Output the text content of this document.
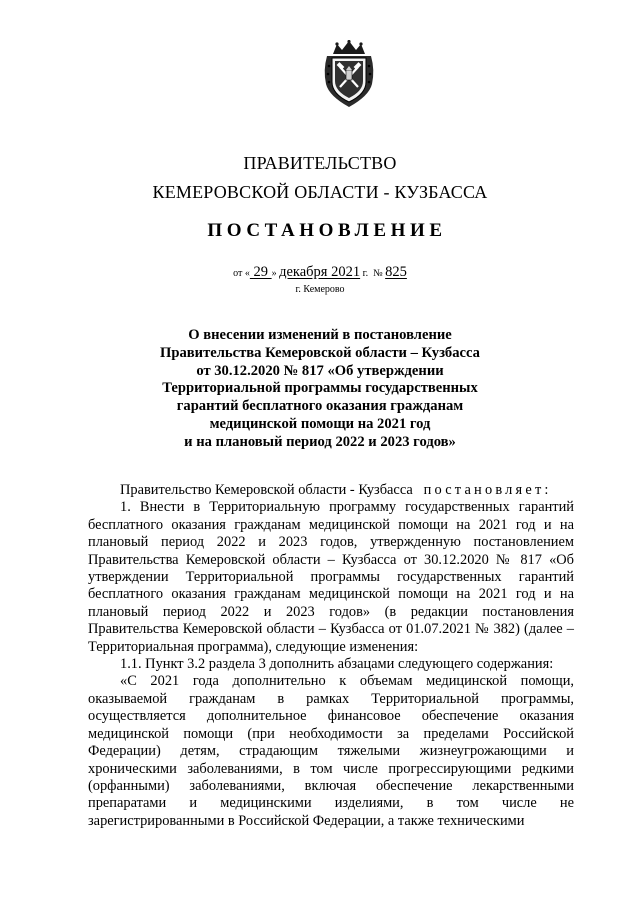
ПРАВИТЕЛЬСТВО
КЕМЕРОВСКОЙ ОБЛАСТИ - КУЗБАССА
ПОСТАНОВЛЕНИЕ
от « 29 » декабря 2021 г. № 825
г. Кемерово
О внесении изменений в постановление
Правительства Кемеровской области – Кузбасса
от 30.12.2020 № 817 «Об утверждении
Территориальной программы государственных
гарантий бесплатного оказания гражданам
медицинской помощи на 2021 год
и на плановый период 2022 и 2023 годов»

Правительство Кемеровской области - Кузбасса постановляет:

1. Внести в Территориальную программу государственных гарантий бесплатного оказания гражданам медицинской помощи на 2021 год и на плановый период 2022 и 2023 годов, утвержденную постановлением Правительства Кемеровской области – Кузбасса от 30.12.2020 № 817 «Об утверждении Территориальной программы государственных гарантий бесплатного оказания гражданам медицинской помощи на 2021 год и на плановый период 2022 и 2023 годов» (в редакции постановления Правительства Кемеровской области – Кузбасса от 01.07.2021 № 382) (далее – Территориальная программа), следующие изменения:

1.1. Пункт 3.2 раздела 3 дополнить абзацами следующего содержания:

«С 2021 года дополнительно к объемам медицинской помощи, оказываемой гражданам в рамках Территориальной программы, осуществляется дополнительное финансовое обеспечение оказания медицинской помощи (при необходимости за пределами Российской Федерации) детям, страдающим тяжелыми жизнеугрожающими и хроническими заболеваниями, в том числе прогрессирующими редкими (орфанными) заболеваниями, включая обеспечение лекарственными препаратами и медицинскими изделиями, в том числе не зарегистрированными в Российской Федерации, а также техническими
